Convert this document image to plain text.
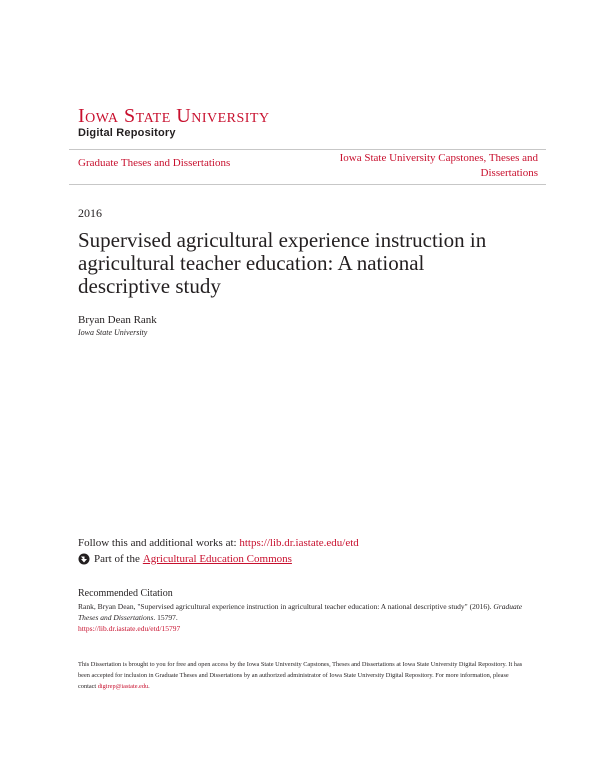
Iowa State University
Digital Repository
Graduate Theses and Dissertations	Iowa State University Capstones, Theses and Dissertations
2016
Supervised agricultural experience instruction in agricultural teacher education: A national descriptive study
Bryan Dean Rank
Iowa State University
Follow this and additional works at: https://lib.dr.iastate.edu/etd
Part of the Agricultural Education Commons
Recommended Citation
Rank, Bryan Dean, "Supervised agricultural experience instruction in agricultural teacher education: A national descriptive study" (2016). Graduate Theses and Dissertations. 15797.
https://lib.dr.iastate.edu/etd/15797
This Dissertation is brought to you for free and open access by the Iowa State University Capstones, Theses and Dissertations at Iowa State University Digital Repository. It has been accepted for inclusion in Graduate Theses and Dissertations by an authorized administrator of Iowa State University Digital Repository. For more information, please contact digirep@iastate.edu.
